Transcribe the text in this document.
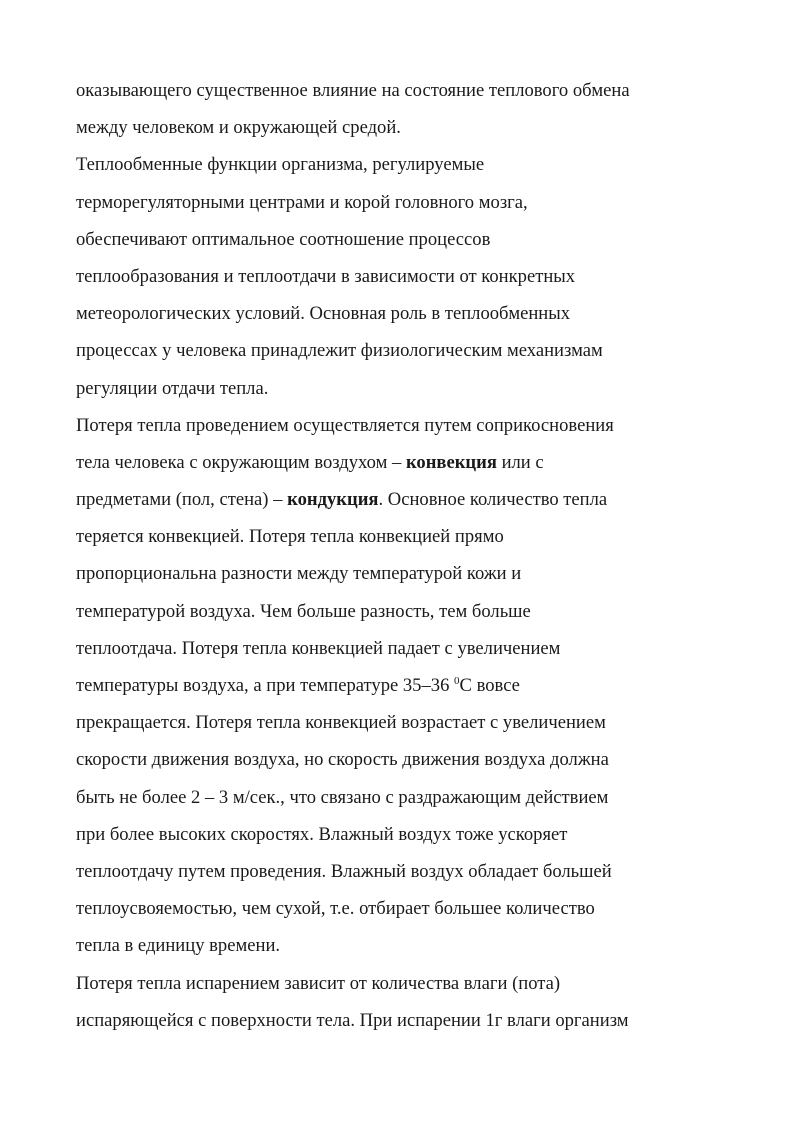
оказывающего существенное влияние на состояние теплового обмена
между человеком и окружающей средой.
Теплообменные функции организма, регулируемые
терморегуляторными центрами и корой головного мозга,
обеспечивают оптимальное соотношение процессов
теплообразования и теплоотдачи в зависимости от конкретных
метеорологических условий. Основная роль в теплообменных
процессах у человека принадлежит физиологическим механизмам
регуляции отдачи тепла.
Потеря тепла проведением осуществляется путем соприкосновения
тела человека с окружающим воздухом – конвекция или с
предметами (пол, стена) – кондукция. Основное количество тепла
теряется конвекцией. Потеря тепла конвекцией прямо
пропорциональна разности между температурой кожи и
температурой воздуха. Чем больше разность, тем больше
теплоотдача. Потеря тепла конвекцией падает с увеличением
температуры воздуха, а при температуре 35–36 $^0$С вовсе
прекращается. Потеря тепла конвекцией возрастает с увеличением
скорости движения воздуха, но скорость движения воздуха должна
быть не более 2 – 3 м/сек., что связано с раздражающим действием
при более высоких скоростях. Влажный воздух тоже ускоряет
теплоотдачу путем проведения. Влажный воздух обладает большей
теплоусвояемостью, чем сухой, т.е. отбирает большее количество
тепла в единицу времени.
Потеря тепла испарением зависит от количества влаги (пота)
испаряющейся с поверхности тела. При испарении 1г влаги организм
